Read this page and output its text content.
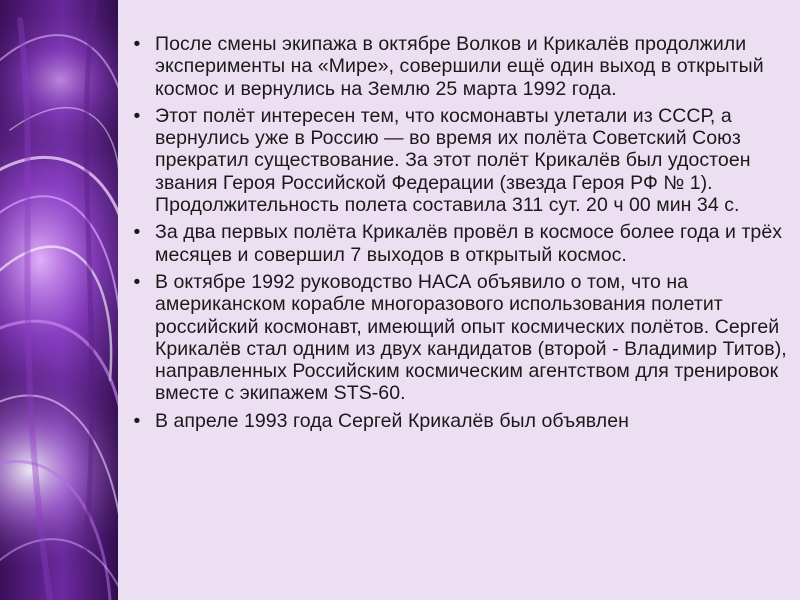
• После смены экипажа в октябре Волков и Крикалёв продолжили эксперименты на «Мире», совершили ещё один выход в открытый космос и вернулись на Землю 25 марта 1992 года.
• Этот полёт интересен тем, что космонавты улетали из СССР, а вернулись уже в Россию — во время их полёта Советский Союз прекратил существование. За этот полёт Крикалёв был удостоен звания Героя Российской Федерации (звезда Героя РФ № 1). Продолжительность полета составила 311 сут. 20 ч 00 мин 34 с.
• За два первых полёта Крикалёв провёл в космосе более года и трёх месяцев и совершил 7 выходов в открытый космос.
• В октябре 1992 руководство НАСА объявило о том, что на американском корабле многоразового использования полетит российский космонавт, имеющий опыт космических полётов. Сергей Крикалёв стал одним из двух кандидатов (второй - Владимир Титов), направленных Российским космическим агентством для тренировок вместе с экипажем STS-60.
• В апреле 1993 года Сергей Крикалёв был объявлен
